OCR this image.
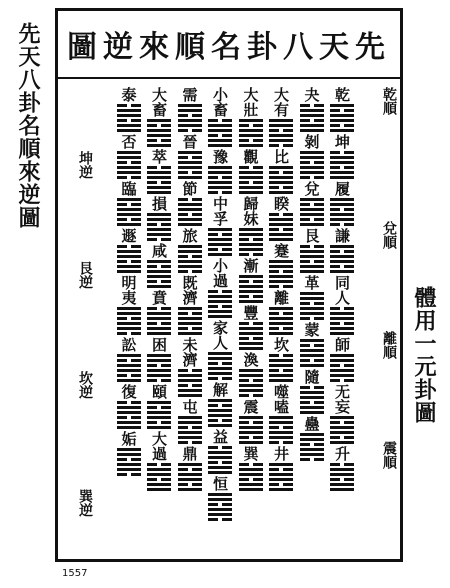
先天八卦名順來逆圖
體用一元卦圖
先天八卦名順來逆圖
乾順
兌順
離順
震順
乾
坤
履
謙
同人
師
无妄
升
夬
剝
兌
艮
革
蒙
隨
蠱
大有
比
睽
蹇
離
坎
噬嗑
井
大壯
觀
歸妹
漸
豐
渙
震
巽
小畜
豫
中孚
小過
家人
解
益
恒
需
晉
節
旅
既濟
未濟
屯
鼎
大畜
萃
損
咸
賁
困
頤
大過
泰
否
臨
遯
明夷
訟
復
姤
坤逆
艮逆
坎逆
巽逆
1557
